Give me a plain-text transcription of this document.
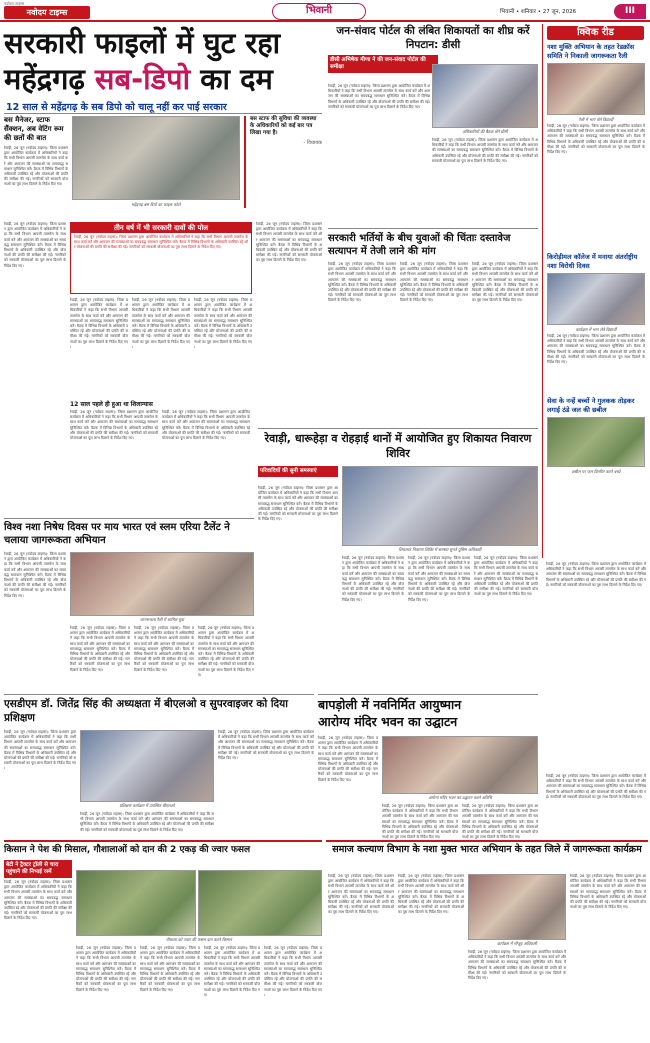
नवोदय टाइम्स
नवोदय टाइम्स	भिवानी	भिवानी • शनिवार • 27 जून, 2026	III
सरकारी फाइलों में घुट रहा
महेंद्रगढ़ सब-डिपो का दम
12 साल से महेंद्रगढ़ के सब डिपो को चालू नहीं कर पाई सरकार
बस मैनेजर, स्टाफ सैंक्शन, अब वेटिंग रूम की छतों की बात
रेवाड़ी, 26 जून (नवोदय टाइम्स): जिला प्रशासन द्वारा आयोजित कार्यक्रम में अधिकारियों ने कहा कि सभी विभाग आपसी तालमेल के साथ कार्य करें और आमजन की समस्याओं का समयबद्ध समाधान सुनिश्चित करें। बैठक में विभिन्न विभागों के अधिकारी उपस्थित रहे और योजनाओं की प्रगति की समीक्षा की गई। नागरिकों को सरकारी योजनाओं का पूरा लाभ दिलाने के निर्देश दिए गए।
महेंद्रगढ़ बस डिपो का फाइल फोटो
बस स्टाफ की सुविधा की व्यवस्था के अधिकारियों को कई बार पत्र लिखा गया है।
- विधायक
रेवाड़ी, 26 जून (नवोदय टाइम्स): जिला प्रशासन द्वारा आयोजित कार्यक्रम में अधिकारियों ने कहा कि सभी विभाग आपसी तालमेल के साथ कार्य करें और आमजन की समस्याओं का समयबद्ध समाधान सुनिश्चित करें। बैठक में विभिन्न विभागों के अधिकारी उपस्थित रहे और योजनाओं की प्रगति की समीक्षा की गई। नागरिकों को सरकारी योजनाओं का पूरा लाभ दिलाने के निर्देश दिए गए।
तीन वर्ष में भी सरकारी दावों की पोल
रेवाड़ी, 26 जून (नवोदय टाइम्स): जिला प्रशासन द्वारा आयोजित कार्यक्रम में अधिकारियों ने कहा कि सभी विभाग आपसी तालमेल के साथ कार्य करें और आमजन की समस्याओं का समयबद्ध समाधान सुनिश्चित करें। बैठक में विभिन्न विभागों के अधिकारी उपस्थित रहे और योजनाओं की प्रगति की समीक्षा की गई। नागरिकों को सरकारी योजनाओं का पूरा लाभ दिलाने के निर्देश दिए गए।
रेवाड़ी, 26 जून (नवोदय टाइम्स): जिला प्रशासन द्वारा आयोजित कार्यक्रम में अधिकारियों ने कहा कि सभी विभाग आपसी तालमेल के साथ कार्य करें और आमजन की समस्याओं का समयबद्ध समाधान सुनिश्चित करें। बैठक में विभिन्न विभागों के अधिकारी उपस्थित रहे और योजनाओं की प्रगति की समीक्षा की गई। नागरिकों को सरकारी योजनाओं का पूरा लाभ दिलाने के निर्देश दिए गए।
रेवाड़ी, 26 जून (नवोदय टाइम्स): जिला प्रशासन द्वारा आयोजित कार्यक्रम में अधिकारियों ने कहा कि सभी विभाग आपसी तालमेल के साथ कार्य करें और आमजन की समस्याओं का समयबद्ध समाधान सुनिश्चित करें। बैठक में विभिन्न विभागों के अधिकारी उपस्थित रहे और योजनाओं की प्रगति की समीक्षा की गई। नागरिकों को सरकारी योजनाओं का पूरा लाभ दिलाने के निर्देश दिए गए।
रेवाड़ी, 26 जून (नवोदय टाइम्स): जिला प्रशासन द्वारा आयोजित कार्यक्रम में अधिकारियों ने कहा कि सभी विभाग आपसी तालमेल के साथ कार्य करें और आमजन की समस्याओं का समयबद्ध समाधान सुनिश्चित करें। बैठक में विभिन्न विभागों के अधिकारी उपस्थित रहे और योजनाओं की प्रगति की समीक्षा की गई। नागरिकों को सरकारी योजनाओं का पूरा लाभ दिलाने के निर्देश दिए गए।
12 साल पहले ही हुआ था शिलान्यास
रेवाड़ी, 26 जून (नवोदय टाइम्स): जिला प्रशासन द्वारा आयोजित कार्यक्रम में अधिकारियों ने कहा कि सभी विभाग आपसी तालमेल के साथ कार्य करें और आमजन की समस्याओं का समयबद्ध समाधान सुनिश्चित करें। बैठक में विभिन्न विभागों के अधिकारी उपस्थित रहे और योजनाओं की प्रगति की समीक्षा की गई। नागरिकों को सरकारी योजनाओं का पूरा लाभ दिलाने के निर्देश दिए गए।
रेवाड़ी, 26 जून (नवोदय टाइम्स): जिला प्रशासन द्वारा आयोजित कार्यक्रम में अधिकारियों ने कहा कि सभी विभाग आपसी तालमेल के साथ कार्य करें और आमजन की समस्याओं का समयबद्ध समाधान सुनिश्चित करें। बैठक में विभिन्न विभागों के अधिकारी उपस्थित रहे और योजनाओं की प्रगति की समीक्षा की गई। नागरिकों को सरकारी योजनाओं का पूरा लाभ दिलाने के निर्देश दिए गए।
रेवाड़ी, 26 जून (नवोदय टाइम्स): जिला प्रशासन द्वारा आयोजित कार्यक्रम में अधिकारियों ने कहा कि सभी विभाग आपसी तालमेल के साथ कार्य करें और आमजन की समस्याओं का समयबद्ध समाधान सुनिश्चित करें। बैठक में विभिन्न विभागों के अधिकारी उपस्थित रहे और योजनाओं की प्रगति की समीक्षा की गई। नागरिकों को सरकारी योजनाओं का पूरा लाभ दिलाने के निर्देश दिए गए।
जन-संवाद पोर्टल की लंबित शिकायतों का शीघ्र करें निपटान: डीसी
डीसी अभिषेक मीणा ने की जन-संवाद पोर्टल की समीक्षा
रेवाड़ी, 26 जून (नवोदय टाइम्स): जिला प्रशासन द्वारा आयोजित कार्यक्रम में अधिकारियों ने कहा कि सभी विभाग आपसी तालमेल के साथ कार्य करें और आमजन की समस्याओं का समयबद्ध समाधान सुनिश्चित करें। बैठक में विभिन्न विभागों के अधिकारी उपस्थित रहे और योजनाओं की प्रगति की समीक्षा की गई। नागरिकों को सरकारी योजनाओं का पूरा लाभ दिलाने के निर्देश दिए गए।
अधिकारियों की बैठक लेते डीसी
रेवाड़ी, 26 जून (नवोदय टाइम्स): जिला प्रशासन द्वारा आयोजित कार्यक्रम में अधिकारियों ने कहा कि सभी विभाग आपसी तालमेल के साथ कार्य करें और आमजन की समस्याओं का समयबद्ध समाधान सुनिश्चित करें। बैठक में विभिन्न विभागों के अधिकारी उपस्थित रहे और योजनाओं की प्रगति की समीक्षा की गई। नागरिकों को सरकारी योजनाओं का पूरा लाभ दिलाने के निर्देश दिए गए।
सरकारी भर्तियों के बीच युवाओं की चिंताः दस्तावेज सत्यापन में तेजी लाने की मांग
रेवाड़ी, 26 जून (नवोदय टाइम्स): जिला प्रशासन द्वारा आयोजित कार्यक्रम में अधिकारियों ने कहा कि सभी विभाग आपसी तालमेल के साथ कार्य करें और आमजन की समस्याओं का समयबद्ध समाधान सुनिश्चित करें। बैठक में विभिन्न विभागों के अधिकारी उपस्थित रहे और योजनाओं की प्रगति की समीक्षा की गई। नागरिकों को सरकारी योजनाओं का पूरा लाभ दिलाने के निर्देश दिए गए।
रेवाड़ी, 26 जून (नवोदय टाइम्स): जिला प्रशासन द्वारा आयोजित कार्यक्रम में अधिकारियों ने कहा कि सभी विभाग आपसी तालमेल के साथ कार्य करें और आमजन की समस्याओं का समयबद्ध समाधान सुनिश्चित करें। बैठक में विभिन्न विभागों के अधिकारी उपस्थित रहे और योजनाओं की प्रगति की समीक्षा की गई। नागरिकों को सरकारी योजनाओं का पूरा लाभ दिलाने के निर्देश दिए गए।
रेवाड़ी, 26 जून (नवोदय टाइम्स): जिला प्रशासन द्वारा आयोजित कार्यक्रम में अधिकारियों ने कहा कि सभी विभाग आपसी तालमेल के साथ कार्य करें और आमजन की समस्याओं का समयबद्ध समाधान सुनिश्चित करें। बैठक में विभिन्न विभागों के अधिकारी उपस्थित रहे और योजनाओं की प्रगति की समीक्षा की गई। नागरिकों को सरकारी योजनाओं का पूरा लाभ दिलाने के निर्देश दिए गए।
क्विक रीड
नशा मुक्ति अभियान के तहत रेडक्रॉस समिति ने निकाली जागरूकता रैली
रैली में भाग लेते विद्यार्थी
रेवाड़ी, 26 जून (नवोदय टाइम्स): जिला प्रशासन द्वारा आयोजित कार्यक्रम में अधिकारियों ने कहा कि सभी विभाग आपसी तालमेल के साथ कार्य करें और आमजन की समस्याओं का समयबद्ध समाधान सुनिश्चित करें। बैठक में विभिन्न विभागों के अधिकारी उपस्थित रहे और योजनाओं की प्रगति की समीक्षा की गई। नागरिकों को सरकारी योजनाओं का पूरा लाभ दिलाने के निर्देश दिए गए।
किरोड़ीमल कॉलेज में मनाया अंतर्राष्ट्रीय नशा विरोधी दिवस
कार्यक्रम में भाग लेते विद्यार्थी
रेवाड़ी, 26 जून (नवोदय टाइम्स): जिला प्रशासन द्वारा आयोजित कार्यक्रम में अधिकारियों ने कहा कि सभी विभाग आपसी तालमेल के साथ कार्य करें और आमजन की समस्याओं का समयबद्ध समाधान सुनिश्चित करें। बैठक में विभिन्न विभागों के अधिकारी उपस्थित रहे और योजनाओं की प्रगति की समीक्षा की गई। नागरिकों को सरकारी योजनाओं का पूरा लाभ दिलाने के निर्देश दिए गए।
सेवा के नन्हें बच्चों ने गुलकक तोड़कर लगाई ठंडे जल की छबील
छबील पर जल वितरित करते बच्चे
विश्व नशा निषेध दिवस पर माय भारत एवं स्लम एरिया टैलेंट ने चलाया जागरूकता अभियान
रेवाड़ी, 26 जून (नवोदय टाइम्स): जिला प्रशासन द्वारा आयोजित कार्यक्रम में अधिकारियों ने कहा कि सभी विभाग आपसी तालमेल के साथ कार्य करें और आमजन की समस्याओं का समयबद्ध समाधान सुनिश्चित करें। बैठक में विभिन्न विभागों के अधिकारी उपस्थित रहे और योजनाओं की प्रगति की समीक्षा की गई। नागरिकों को सरकारी योजनाओं का पूरा लाभ दिलाने के निर्देश दिए गए।
जागरूकता रैली में शामिल युवा
रेवाड़ी, 26 जून (नवोदय टाइम्स): जिला प्रशासन द्वारा आयोजित कार्यक्रम में अधिकारियों ने कहा कि सभी विभाग आपसी तालमेल के साथ कार्य करें और आमजन की समस्याओं का समयबद्ध समाधान सुनिश्चित करें। बैठक में विभिन्न विभागों के अधिकारी उपस्थित रहे और योजनाओं की प्रगति की समीक्षा की गई। नागरिकों को सरकारी योजनाओं का पूरा लाभ दिलाने के निर्देश दिए गए।
रेवाड़ी, 26 जून (नवोदय टाइम्स): जिला प्रशासन द्वारा आयोजित कार्यक्रम में अधिकारियों ने कहा कि सभी विभाग आपसी तालमेल के साथ कार्य करें और आमजन की समस्याओं का समयबद्ध समाधान सुनिश्चित करें। बैठक में विभिन्न विभागों के अधिकारी उपस्थित रहे और योजनाओं की प्रगति की समीक्षा की गई। नागरिकों को सरकारी योजनाओं का पूरा लाभ दिलाने के निर्देश दिए गए।
रेवाड़ी, 26 जून (नवोदय टाइम्स): जिला प्रशासन द्वारा आयोजित कार्यक्रम में अधिकारियों ने कहा कि सभी विभाग आपसी तालमेल के साथ कार्य करें और आमजन की समस्याओं का समयबद्ध समाधान सुनिश्चित करें। बैठक में विभिन्न विभागों के अधिकारी उपस्थित रहे और योजनाओं की प्रगति की समीक्षा की गई। नागरिकों को सरकारी योजनाओं का पूरा लाभ दिलाने के निर्देश दिए गए।
रेवाड़ी, धारूहेड़ा व रोहड़ाई थानों में आयोजित हुए शिकायत निवारण शिविर
परिवादियों की सुनी समस्याएं
रेवाड़ी, 26 जून (नवोदय टाइम्स): जिला प्रशासन द्वारा आयोजित कार्यक्रम में अधिकारियों ने कहा कि सभी विभाग आपसी तालमेल के साथ कार्य करें और आमजन की समस्याओं का समयबद्ध समाधान सुनिश्चित करें। बैठक में विभिन्न विभागों के अधिकारी उपस्थित रहे और योजनाओं की प्रगति की समीक्षा की गई। नागरिकों को सरकारी योजनाओं का पूरा लाभ दिलाने के निर्देश दिए गए।
शिकायत निवारण शिविर में समस्या सुनते पुलिस अधिकारी
रेवाड़ी, 26 जून (नवोदय टाइम्स): जिला प्रशासन द्वारा आयोजित कार्यक्रम में अधिकारियों ने कहा कि सभी विभाग आपसी तालमेल के साथ कार्य करें और आमजन की समस्याओं का समयबद्ध समाधान सुनिश्चित करें। बैठक में विभिन्न विभागों के अधिकारी उपस्थित रहे और योजनाओं की प्रगति की समीक्षा की गई। नागरिकों को सरकारी योजनाओं का पूरा लाभ दिलाने के निर्देश दिए गए।
रेवाड़ी, 26 जून (नवोदय टाइम्स): जिला प्रशासन द्वारा आयोजित कार्यक्रम में अधिकारियों ने कहा कि सभी विभाग आपसी तालमेल के साथ कार्य करें और आमजन की समस्याओं का समयबद्ध समाधान सुनिश्चित करें। बैठक में विभिन्न विभागों के अधिकारी उपस्थित रहे और योजनाओं की प्रगति की समीक्षा की गई। नागरिकों को सरकारी योजनाओं का पूरा लाभ दिलाने के निर्देश दिए गए।
रेवाड़ी, 26 जून (नवोदय टाइम्स): जिला प्रशासन द्वारा आयोजित कार्यक्रम में अधिकारियों ने कहा कि सभी विभाग आपसी तालमेल के साथ कार्य करें और आमजन की समस्याओं का समयबद्ध समाधान सुनिश्चित करें। बैठक में विभिन्न विभागों के अधिकारी उपस्थित रहे और योजनाओं की प्रगति की समीक्षा की गई। नागरिकों को सरकारी योजनाओं का पूरा लाभ दिलाने के निर्देश दिए गए।
रेवाड़ी, 26 जून (नवोदय टाइम्स): जिला प्रशासन द्वारा आयोजित कार्यक्रम में अधिकारियों ने कहा कि सभी विभाग आपसी तालमेल के साथ कार्य करें और आमजन की समस्याओं का समयबद्ध समाधान सुनिश्चित करें। बैठक में विभिन्न विभागों के अधिकारी उपस्थित रहे और योजनाओं की प्रगति की समीक्षा की गई। नागरिकों को सरकारी योजनाओं का पूरा लाभ दिलाने के निर्देश दिए गए।
एसडीएम डॉ. जितेंद्र सिंह की अध्यक्षता में बीएलओ व सुपरवाइजर को दिया प्रशिक्षण
रेवाड़ी, 26 जून (नवोदय टाइम्स): जिला प्रशासन द्वारा आयोजित कार्यक्रम में अधिकारियों ने कहा कि सभी विभाग आपसी तालमेल के साथ कार्य करें और आमजन की समस्याओं का समयबद्ध समाधान सुनिश्चित करें। बैठक में विभिन्न विभागों के अधिकारी उपस्थित रहे और योजनाओं की प्रगति की समीक्षा की गई। नागरिकों को सरकारी योजनाओं का पूरा लाभ दिलाने के निर्देश दिए गए।
प्रशिक्षण कार्यक्रम में उपस्थित बीएलओ
रेवाड़ी, 26 जून (नवोदय टाइम्स): जिला प्रशासन द्वारा आयोजित कार्यक्रम में अधिकारियों ने कहा कि सभी विभाग आपसी तालमेल के साथ कार्य करें और आमजन की समस्याओं का समयबद्ध समाधान सुनिश्चित करें। बैठक में विभिन्न विभागों के अधिकारी उपस्थित रहे और योजनाओं की प्रगति की समीक्षा की गई। नागरिकों को सरकारी योजनाओं का पूरा लाभ दिलाने के निर्देश दिए गए।
रेवाड़ी, 26 जून (नवोदय टाइम्स): जिला प्रशासन द्वारा आयोजित कार्यक्रम में अधिकारियों ने कहा कि सभी विभाग आपसी तालमेल के साथ कार्य करें और आमजन की समस्याओं का समयबद्ध समाधान सुनिश्चित करें। बैठक में विभिन्न विभागों के अधिकारी उपस्थित रहे और योजनाओं की प्रगति की समीक्षा की गई। नागरिकों को सरकारी योजनाओं का पूरा लाभ दिलाने के निर्देश दिए गए।
बापड़ोली में नवनिर्मित आयुष्मान
आरोग्य मंदिर भवन का उद्घाटन
रेवाड़ी, 26 जून (नवोदय टाइम्स): जिला प्रशासन द्वारा आयोजित कार्यक्रम में अधिकारियों ने कहा कि सभी विभाग आपसी तालमेल के साथ कार्य करें और आमजन की समस्याओं का समयबद्ध समाधान सुनिश्चित करें। बैठक में विभिन्न विभागों के अधिकारी उपस्थित रहे और योजनाओं की प्रगति की समीक्षा की गई। नागरिकों को सरकारी योजनाओं का पूरा लाभ दिलाने के निर्देश दिए गए।
आरोग्य मंदिर भवन का उद्घाटन करते अतिथि
रेवाड़ी, 26 जून (नवोदय टाइम्स): जिला प्रशासन द्वारा आयोजित कार्यक्रम में अधिकारियों ने कहा कि सभी विभाग आपसी तालमेल के साथ कार्य करें और आमजन की समस्याओं का समयबद्ध समाधान सुनिश्चित करें। बैठक में विभिन्न विभागों के अधिकारी उपस्थित रहे और योजनाओं की प्रगति की समीक्षा की गई। नागरिकों को सरकारी योजनाओं का पूरा लाभ दिलाने के निर्देश दिए गए।
रेवाड़ी, 26 जून (नवोदय टाइम्स): जिला प्रशासन द्वारा आयोजित कार्यक्रम में अधिकारियों ने कहा कि सभी विभाग आपसी तालमेल के साथ कार्य करें और आमजन की समस्याओं का समयबद्ध समाधान सुनिश्चित करें। बैठक में विभिन्न विभागों के अधिकारी उपस्थित रहे और योजनाओं की प्रगति की समीक्षा की गई। नागरिकों को सरकारी योजनाओं का पूरा लाभ दिलाने के निर्देश दिए गए।
रेवाड़ी, 26 जून (नवोदय टाइम्स): जिला प्रशासन द्वारा आयोजित कार्यक्रम में अधिकारियों ने कहा कि सभी विभाग आपसी तालमेल के साथ कार्य करें और आमजन की समस्याओं का समयबद्ध समाधान सुनिश्चित करें। बैठक में विभिन्न विभागों के अधिकारी उपस्थित रहे और योजनाओं की प्रगति की समीक्षा की गई। नागरिकों को सरकारी योजनाओं का पूरा लाभ दिलाने के निर्देश दिए गए।
किसान ने पेश की मिसाल, गौशालाओं को दान की 2 एकड़ की ज्वार फसल
बेटी ने ट्रैक्टर ट्रॉली से चारा पहुंचाने की निभाई रस्में
रेवाड़ी, 26 जून (नवोदय टाइम्स): जिला प्रशासन द्वारा आयोजित कार्यक्रम में अधिकारियों ने कहा कि सभी विभाग आपसी तालमेल के साथ कार्य करें और आमजन की समस्याओं का समयबद्ध समाधान सुनिश्चित करें। बैठक में विभिन्न विभागों के अधिकारी उपस्थित रहे और योजनाओं की प्रगति की समीक्षा की गई। नागरिकों को सरकारी योजनाओं का पूरा लाभ दिलाने के निर्देश दिए गए।
गौशाला को ज्वार की फसल दान करते किसान
रेवाड़ी, 26 जून (नवोदय टाइम्स): जिला प्रशासन द्वारा आयोजित कार्यक्रम में अधिकारियों ने कहा कि सभी विभाग आपसी तालमेल के साथ कार्य करें और आमजन की समस्याओं का समयबद्ध समाधान सुनिश्चित करें। बैठक में विभिन्न विभागों के अधिकारी उपस्थित रहे और योजनाओं की प्रगति की समीक्षा की गई। नागरिकों को सरकारी योजनाओं का पूरा लाभ दिलाने के निर्देश दिए गए।
रेवाड़ी, 26 जून (नवोदय टाइम्स): जिला प्रशासन द्वारा आयोजित कार्यक्रम में अधिकारियों ने कहा कि सभी विभाग आपसी तालमेल के साथ कार्य करें और आमजन की समस्याओं का समयबद्ध समाधान सुनिश्चित करें। बैठक में विभिन्न विभागों के अधिकारी उपस्थित रहे और योजनाओं की प्रगति की समीक्षा की गई। नागरिकों को सरकारी योजनाओं का पूरा लाभ दिलाने के निर्देश दिए गए।
रेवाड़ी, 26 जून (नवोदय टाइम्स): जिला प्रशासन द्वारा आयोजित कार्यक्रम में अधिकारियों ने कहा कि सभी विभाग आपसी तालमेल के साथ कार्य करें और आमजन की समस्याओं का समयबद्ध समाधान सुनिश्चित करें। बैठक में विभिन्न विभागों के अधिकारी उपस्थित रहे और योजनाओं की प्रगति की समीक्षा की गई। नागरिकों को सरकारी योजनाओं का पूरा लाभ दिलाने के निर्देश दिए गए।
रेवाड़ी, 26 जून (नवोदय टाइम्स): जिला प्रशासन द्वारा आयोजित कार्यक्रम में अधिकारियों ने कहा कि सभी विभाग आपसी तालमेल के साथ कार्य करें और आमजन की समस्याओं का समयबद्ध समाधान सुनिश्चित करें। बैठक में विभिन्न विभागों के अधिकारी उपस्थित रहे और योजनाओं की प्रगति की समीक्षा की गई। नागरिकों को सरकारी योजनाओं का पूरा लाभ दिलाने के निर्देश दिए गए।
समाज कल्याण विभाग के नशा मुक्त भारत अभियान के तहत जिले में जागरूकता कार्यक्रम
रेवाड़ी, 26 जून (नवोदय टाइम्स): जिला प्रशासन द्वारा आयोजित कार्यक्रम में अधिकारियों ने कहा कि सभी विभाग आपसी तालमेल के साथ कार्य करें और आमजन की समस्याओं का समयबद्ध समाधान सुनिश्चित करें। बैठक में विभिन्न विभागों के अधिकारी उपस्थित रहे और योजनाओं की प्रगति की समीक्षा की गई। नागरिकों को सरकारी योजनाओं का पूरा लाभ दिलाने के निर्देश दिए गए।
रेवाड़ी, 26 जून (नवोदय टाइम्स): जिला प्रशासन द्वारा आयोजित कार्यक्रम में अधिकारियों ने कहा कि सभी विभाग आपसी तालमेल के साथ कार्य करें और आमजन की समस्याओं का समयबद्ध समाधान सुनिश्चित करें। बैठक में विभिन्न विभागों के अधिकारी उपस्थित रहे और योजनाओं की प्रगति की समीक्षा की गई। नागरिकों को सरकारी योजनाओं का पूरा लाभ दिलाने के निर्देश दिए गए।
कार्यक्रम में मौजूद अधिकारी
रेवाड़ी, 26 जून (नवोदय टाइम्स): जिला प्रशासन द्वारा आयोजित कार्यक्रम में अधिकारियों ने कहा कि सभी विभाग आपसी तालमेल के साथ कार्य करें और आमजन की समस्याओं का समयबद्ध समाधान सुनिश्चित करें। बैठक में विभिन्न विभागों के अधिकारी उपस्थित रहे और योजनाओं की प्रगति की समीक्षा की गई। नागरिकों को सरकारी योजनाओं का पूरा लाभ दिलाने के निर्देश दिए गए।
रेवाड़ी, 26 जून (नवोदय टाइम्स): जिला प्रशासन द्वारा आयोजित कार्यक्रम में अधिकारियों ने कहा कि सभी विभाग आपसी तालमेल के साथ कार्य करें और आमजन की समस्याओं का समयबद्ध समाधान सुनिश्चित करें। बैठक में विभिन्न विभागों के अधिकारी उपस्थित रहे और योजनाओं की प्रगति की समीक्षा की गई। नागरिकों को सरकारी योजनाओं का पूरा लाभ दिलाने के निर्देश दिए गए।
